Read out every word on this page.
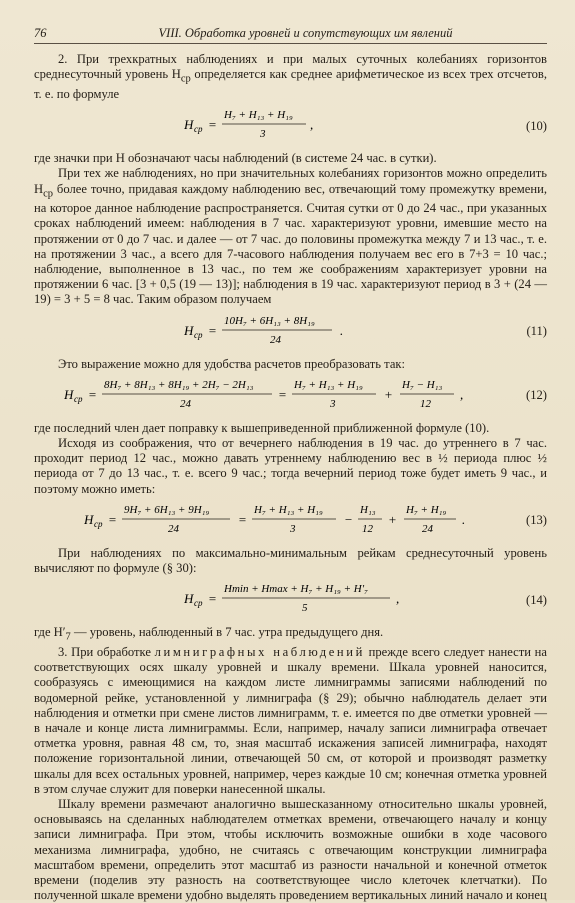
76	VIII. Обработка уровней и сопутствующих им явлений

2. При трехкратных наблюдениях и при малых суточных колебаниях горизонтов среднесуточный уровень $H_{ср}$ определяется как среднее арифметическое из всех трех отсчетов, т. е. по формуле

H ср =
H₇ + H₁₃ + H₁₉
3
,	(10)

где значки при H обозначают часы наблюдений (в системе 24 час. в сутки).

При тех же наблюдениях, но при значительных колебаниях горизонтов можно определить $H_{ср}$ более точно, придавая каждому наблюдению вес, отвечающий тому промежутку времени, на которое данное наблюдение распространяется. Считая сутки от 0 до 24 час., при указанных сроках наблюдений имеем: наблюдения в 7 час. характеризуют уровни, имевшие место на протяжении от 0 до 7 час. и далее — от 7 час. до половины промежутка между 7 и 13 час., т. е. на протяжении 3 час., а всего для 7-часового наблюдения получаем вес его в 7+3 = 10 час.; наблюдение, выполненное в 13 час., по тем же соображениям характеризует уровни на протяжении 6 час. [3 + 0,5 (19 — 13)]; наблюдения в 19 час. характеризуют период в 3 + (24 — 19) = 3 + 5 = 8 час. Таким образом получаем

H ср =
10H₇ + 6H₁₃ + 8H₁₉
24
.	(11)

Это выражение можно для удобства расчетов преобразовать так:

H ср =
8H₇ + 8H₁₃ + 8H₁₉ + 2H₇ − 2H₁₃
24
=
H₇ + H₁₃ + H₁₉
3
+
H₇ − H₁₃
12
,	(12)

где последний член дает поправку к вышеприведенной приближенной формуле (10).

Исходя из соображения, что от вечернего наблюдения в 19 час. до утреннего в 7 час. проходит период 12 час., можно давать утреннему наблюдению вес в ½ периода плюс ½ периода от 7 до 13 час., т. е. всего 9 час.; тогда вечерний период тоже будет иметь 9 час., и поэтому можно иметь:

H ср =
9H₇ + 6H₁₃ + 9H₁₉
24
=
H₇ + H₁₃ + H₁₉
3
−
H₁₃
12
+
H₇ + H₁₉
24
.	(13)

При наблюдениях по максимально-минимальным рейкам среднесуточный уровень вычисляют по формуле (§ 30):

H ср =
Hmin + Hmax + H₇ + H₁₉ + H′₇
5
,	(14)

где $H'_7$ — уровень, наблюденный в 7 час. утра предыдущего дня.

3. При обработке лимниграфных наблюдений прежде всего следует нанести на соответствующих осях шкалу уровней и шкалу времени. Шкала уровней наносится, сообразуясь с имеющимися на каждом листе лимниграммы записями наблюдений по водомерной рейке, установленной у лимниграфа (§ 29); обычно наблюдатель делает эти наблюдения и отметки при смене листов лимниграмм, т. е. имеется по две отметки уровней — в начале и конце листа лимниграммы. Если, например, началу записи лимниграфа отвечает отметка уровня, равная 48 см, то, зная масштаб искажения записей лимниграфа, находят положение горизонтальной линии, отвечающей 50 см, от которой и производят разметку шкалы для всех остальных уровней, например, через каждые 10 см; конечная отметка уровней в этом случае служит для поверки нанесенной шкалы.

Шкалу времени размечают аналогично вышесказанному относительно шкалы уровней, основываясь на сделанных наблюдателем отметках времени, отвечающего началу и концу записи лимниграфа. При этом, чтобы исключить возможные ошибки в ходе часового механизма лимниграфа, удобно, не считаясь с отвечающим конструкции лимниграфа масштабом времени, определить этот масштаб из разности начальной и конечной отметок времени (поделив эту разность на соответствующее число клеточек клетчатки). По полученной шкале времени удобно выделять проведением вертикальных линий начало и конец
